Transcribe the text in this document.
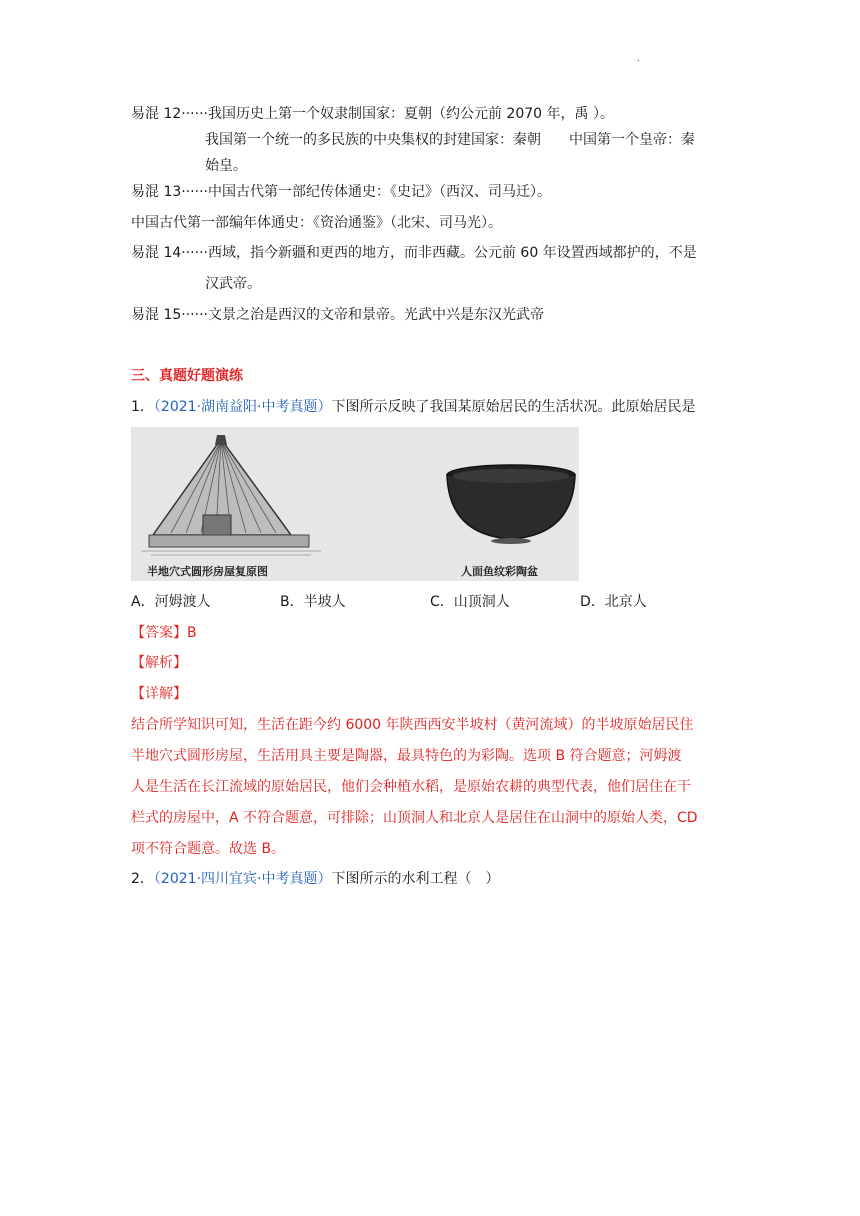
·
易混 12······我国历史上第一个奴隶制国家：夏朝（约公元前 2070 年，禹 ）。
我国第一个统一的多民族的中央集权的封建国家：秦朝　　中国第一个皇帝：秦
始皇。
易混 13······中国古代第一部纪传体通史：《史记》（西汉、司马迁）。
中国古代第一部编年体通史：《资治通鉴》（北宋、司马光）。
易混 14······西域，指今新疆和更西的地方，而非西藏。公元前 60 年设置西域都护的，不是
汉武帝。
易混 15······文景之治是西汉的文帝和景帝。光武中兴是东汉光武帝
三、真题好题演练
1．（2021·湖南益阳·中考真题）下图所示反映了我国某原始居民的生活状况。此原始居民是
半地穴式圆形房屋复原图	人面鱼纹彩陶盆
A．河姆渡人	B．半坡人	C．山顶洞人	D．北京人
【答案】B
【解析】
【详解】
结合所学知识可知，生活在距今约 6000 年陕西西安半坡村（黄河流域）的半坡原始居民住
半地穴式圆形房屋，生活用具主要是陶器，最具特色的为彩陶。选项 B 符合题意；河姆渡
人是生活在长江流域的原始居民，他们会种植水稻，是原始农耕的典型代表，他们居住在干
栏式的房屋中，A 不符合题意，可排除；山顶洞人和北京人是居住在山洞中的原始人类，CD
项不符合题意。故选 B。
2．（2021·四川宜宾·中考真题）下图所示的水利工程（　）
